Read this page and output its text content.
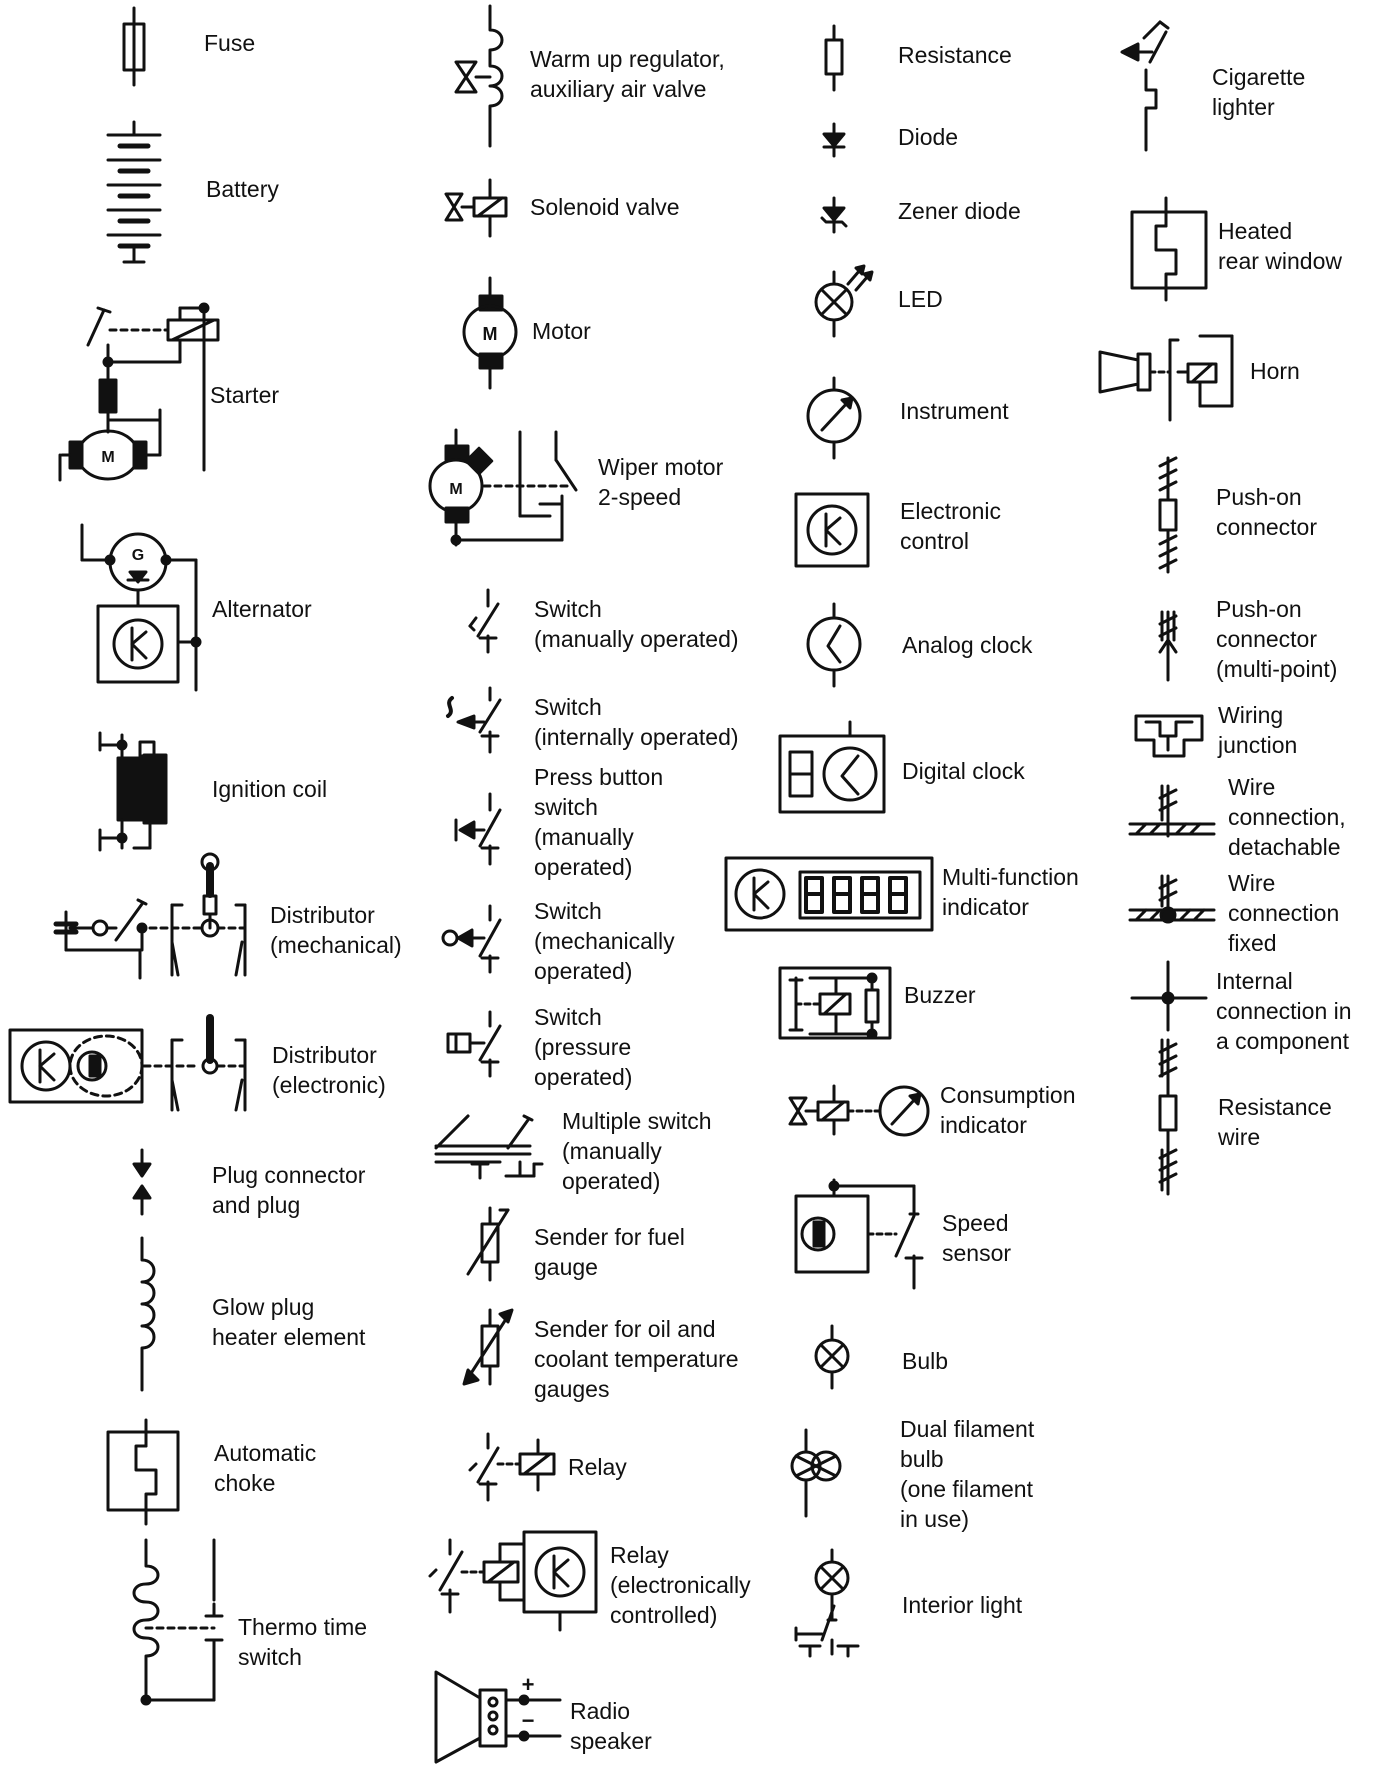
M
M
M
G
+
−
Fuse
Battery
Starter
Alternator
Ignition coil
Distributor
(mechanical)
Distributor
(electronic)
Plug connector
and plug
Glow plug
heater element
Automatic
choke
Thermo time
switch
Warm up regulator,
auxiliary air valve
Solenoid valve
Motor
Wiper motor
2-speed
Switch
(manually operated)
Switch
(internally operated)
Press button
switch
(manually
operated)
Switch
(mechanically
operated)
Switch
(pressure
operated)
Multiple switch
(manually
operated)
Sender for fuel
gauge
Sender for oil and
coolant temperature
gauges
Relay
Relay
(electronically
controlled)
Radio
speaker
Resistance
Diode
Zener diode
LED
Instrument
Electronic
control
Analog clock
Digital clock
Multi-function
indicator
Buzzer
Consumption
indicator
Speed
sensor
Bulb
Dual filament
bulb
(one filament
in use)
Interior light
Cigarette
lighter
Heated
rear window
Horn
Push-on
connector
Push-on
connector
(multi-point)
Wiring
junction
Wire
connection,
detachable
Wire
connection
fixed
Internal
connection in
a component
Resistance
wire
